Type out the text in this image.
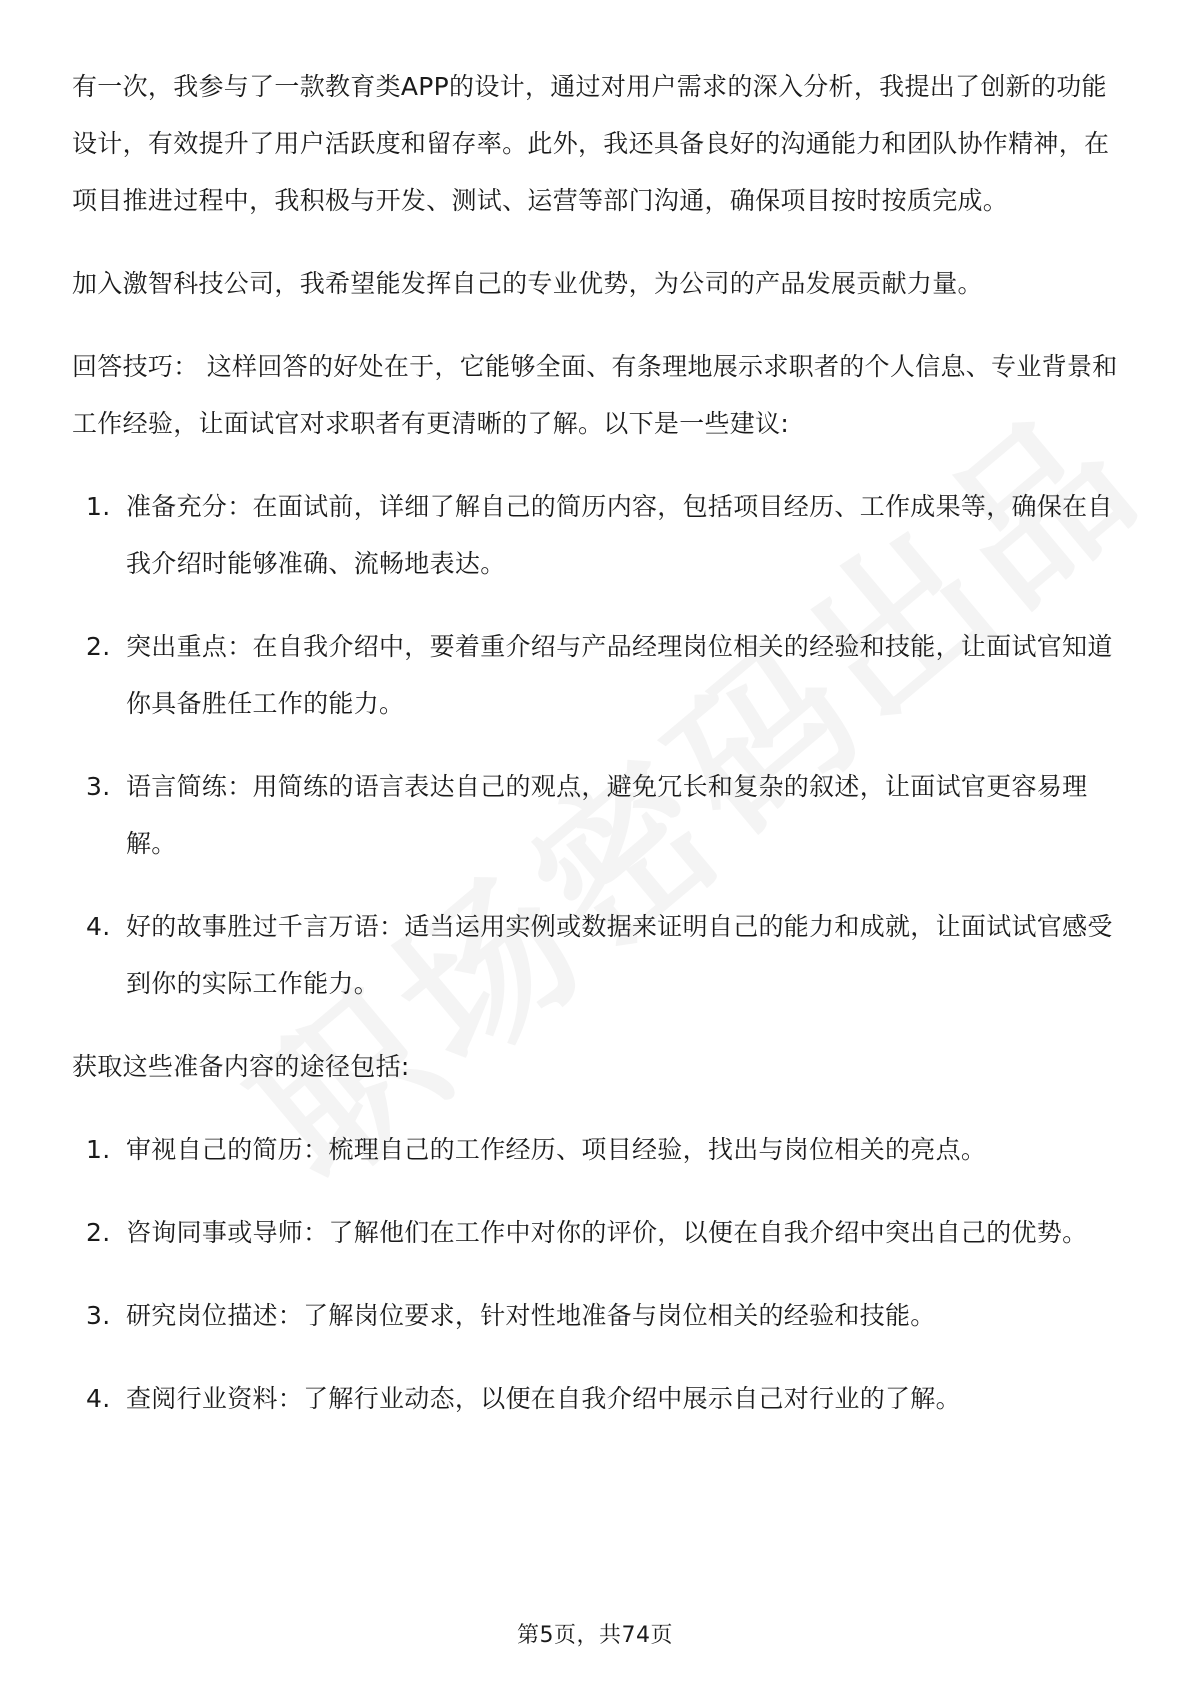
有一次，我参与了一款教育类APP的设计，通过对用户需求的深入分析，我提出了创新的功能设计，有效提升了用户活跃度和留存率。此外，我还具备良好的沟通能力和团队协作精神，在项目推进过程中，我积极与开发、测试、运营等部门沟通，确保项目按时按质完成。

加入激智科技公司，我希望能发挥自己的专业优势，为公司的产品发展贡献力量。

回答技巧： 这样回答的好处在于，它能够全面、有条理地展示求职者的个人信息、专业背景和工作经验，让面试官对求职者有更清晰的了解。以下是一些建议:

1. 准备充分：在面试前，详细了解自己的简历内容，包括项目经历、工作成果等，确保在自我介绍时能够准确、流畅地表达。
2. 突出重点：在自我介绍中，要着重介绍与产品经理岗位相关的经验和技能，让面试官知道你具备胜任工作的能力。
3. 语言简练：用简练的语言表达自己的观点，避免冗长和复杂的叙述，让面试官更容易理解。
4. 好的故事胜过千言万语：适当运用实例或数据来证明自己的能力和成就，让面试试官感受到你的实际工作能力。

获取这些准备内容的途径包括:

1. 审视自己的简历：梳理自己的工作经历、项目经验，找出与岗位相关的亮点。
2. 咨询同事或导师：了解他们在工作中对你的评价，以便在自我介绍中突出自己的优势。
3. 研究岗位描述：了解岗位要求，针对性地准备与岗位相关的经验和技能。
4. 查阅行业资料：了解行业动态，以便在自我介绍中展示自己对行业的了解。
第5页，共74页
